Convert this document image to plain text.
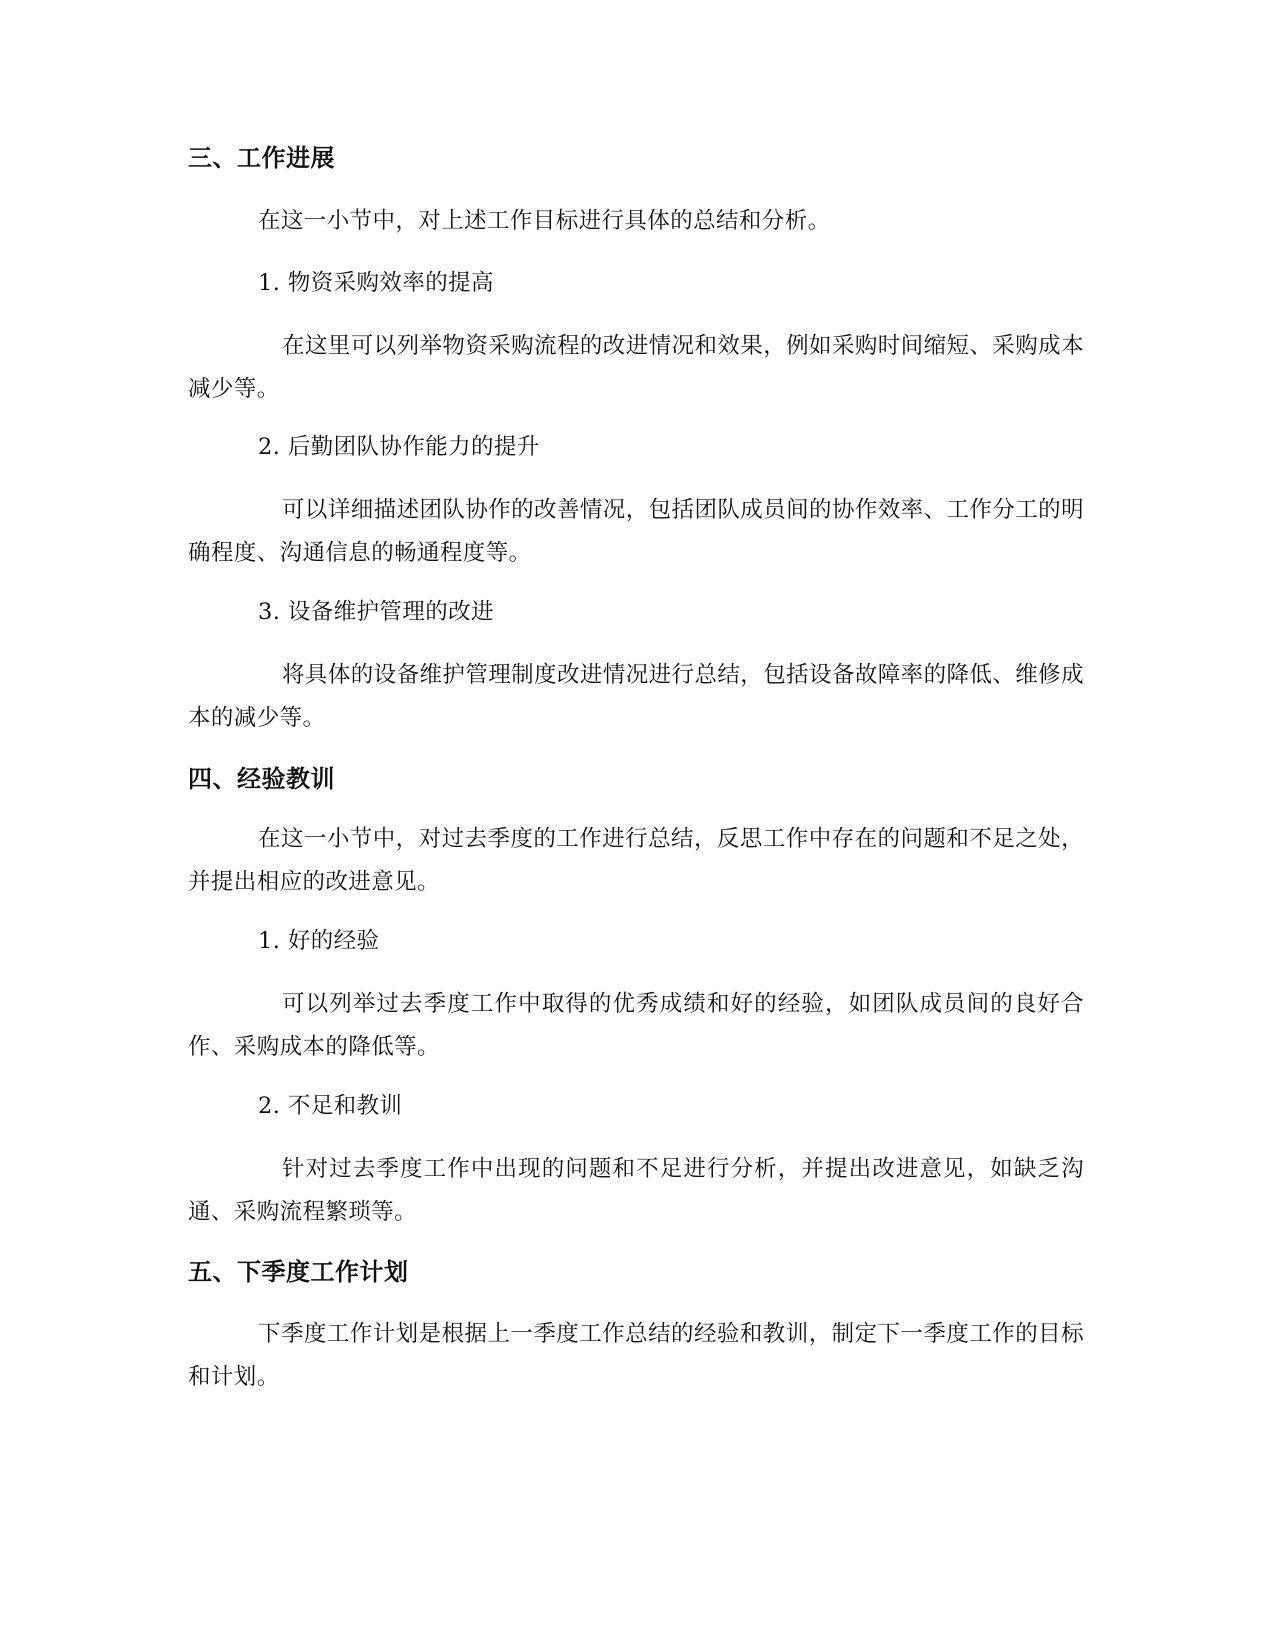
三、工作进展

在这一小节中，对上述工作目标进行具体的总结和分析。

1. 物资采购效率的提高

在这里可以列举物资采购流程的改进情况和效果，例如采购时间缩短、采购成本减少等。

2. 后勤团队协作能力的提升

可以详细描述团队协作的改善情况，包括团队成员间的协作效率、工作分工的明确程度、沟通信息的畅通程度等。

3. 设备维护管理的改进

将具体的设备维护管理制度改进情况进行总结，包括设备故障率的降低、维修成本的减少等。

四、经验教训

在这一小节中，对过去季度的工作进行总结，反思工作中存在的问题和不足之处，并提出相应的改进意见。

1. 好的经验

可以列举过去季度工作中取得的优秀成绩和好的经验，如团队成员间的良好合作、采购成本的降低等。

2. 不足和教训

针对过去季度工作中出现的问题和不足进行分析，并提出改进意见，如缺乏沟通、采购流程繁琐等。

五、下季度工作计划

下季度工作计划是根据上一季度工作总结的经验和教训，制定下一季度工作的目标和计划。
